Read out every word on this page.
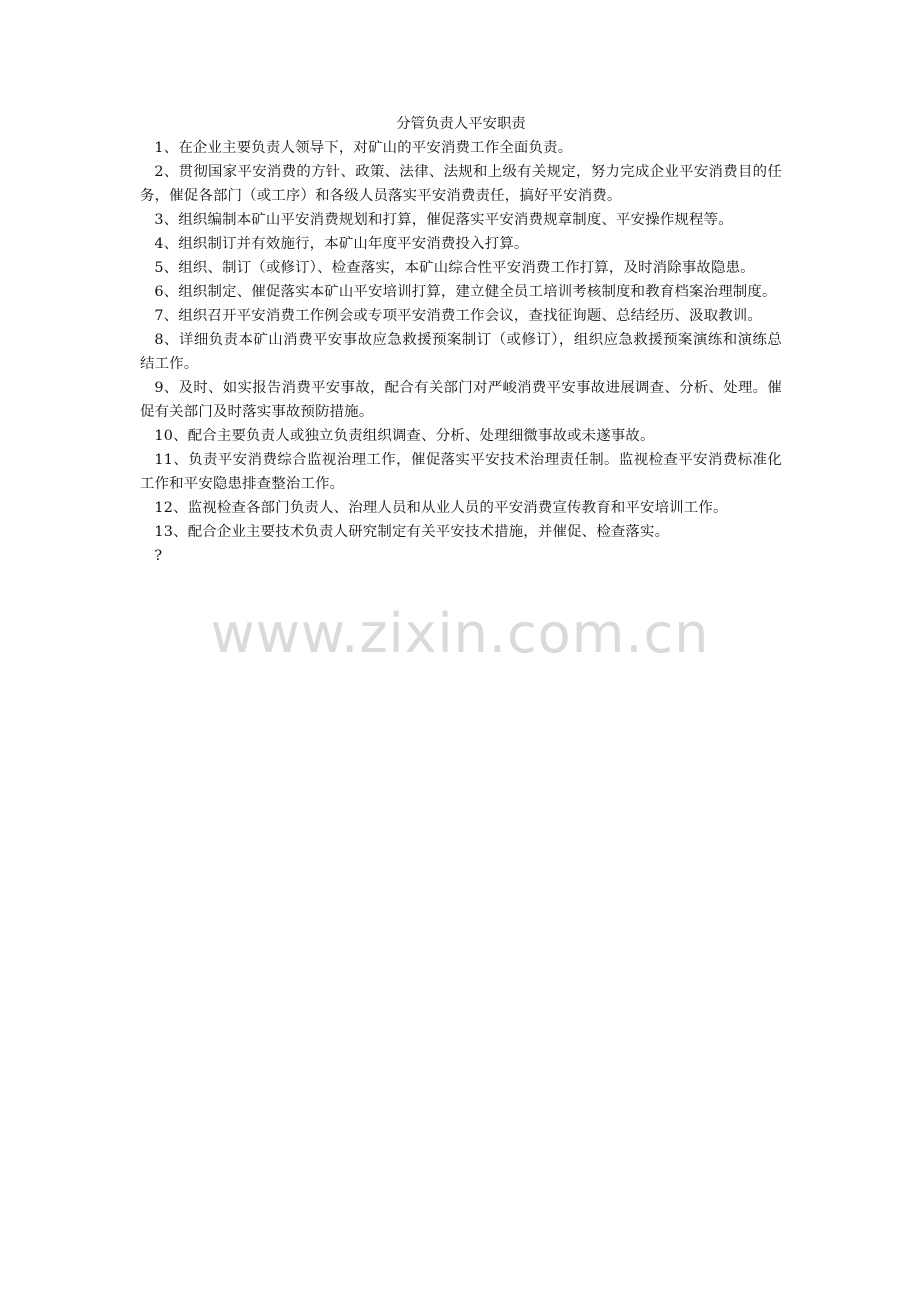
分管负责人平安职责

1、在企业主要负责人领导下，对矿山的平安消费工作全面负责。

2、贯彻国家平安消费的方针、政策、法律、法规和上级有关规定，努力完成企业平安消费目的任务，催促各部门（或工序）和各级人员落实平安消费责任，搞好平安消费。

3、组织编制本矿山平安消费规划和打算，催促落实平安消费规章制度、平安操作规程等。

4、组织制订并有效施行，本矿山年度平安消费投入打算。

5、组织、制订（或修订）、检查落实，本矿山综合性平安消费工作打算，及时消除事故隐患。

6、组织制定、催促落实本矿山平安培训打算，建立健全员工培训考核制度和教育档案治理制度。

7、组织召开平安消费工作例会或专项平安消费工作会议，查找征询题、总结经历、汲取教训。

8、详细负责本矿山消费平安事故应急救援预案制订（或修订），组织应急救援预案演练和演练总结工作。

9、及时、如实报告消费平安事故，配合有关部门对严峻消费平安事故进展调查、分析、处理。催促有关部门及时落实事故预防措施。

10、配合主要负责人或独立负责组织调查、分析、处理细微事故或未遂事故。

11、负责平安消费综合监视治理工作，催促落实平安技术治理责任制。监视检查平安消费标准化工作和平安隐患排查整治工作。

12、监视检查各部门负责人、治理人员和从业人员的平安消费宣传教育和平安培训工作。

13、配合企业主要技术负责人研究制定有关平安技术措施，并催促、检查落实。

?

www.zixin.com.cn
